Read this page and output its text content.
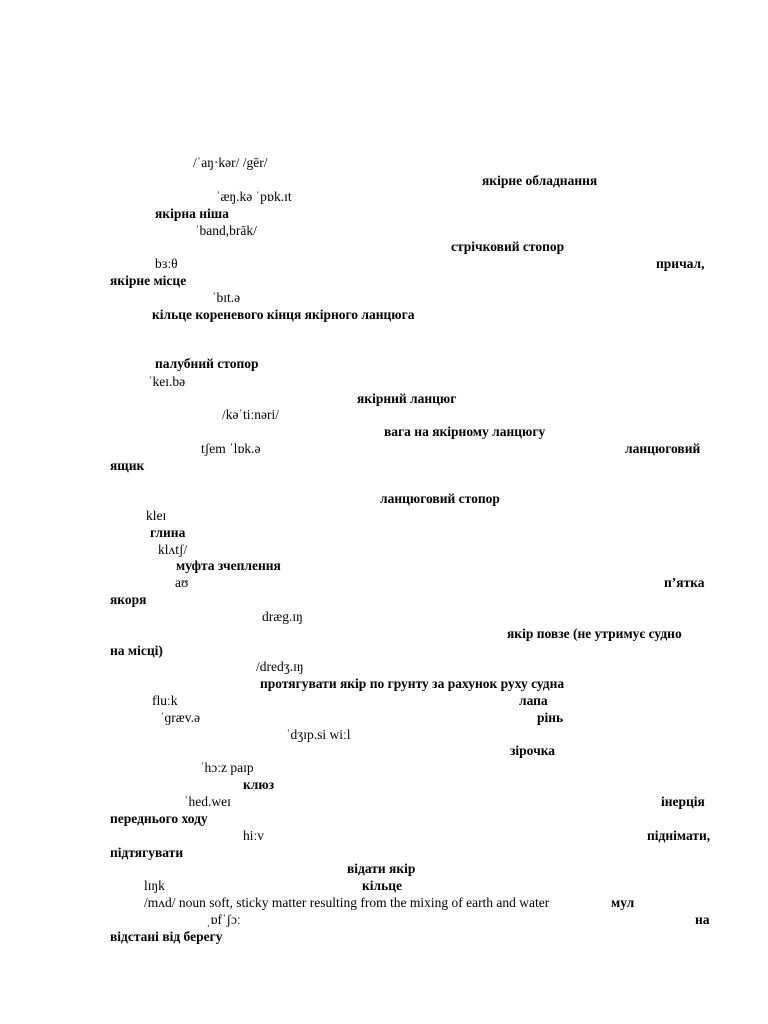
/ˈaŋ·kər/ /gēr/
якірне обладнання
ˈæŋ.kə ˈpɒk.ɪt
якірна ніша
ˈband,brāk/
стрічковий стопор
bɜːθ	причал,
якірне місце
ˈbɪt.ə
кільце кореневого кінця якірного ланцюга
палубний стопор
ˈkeɪ.bə
якірний ланцюг
/kəˈtiːnəri/
вага на якірному ланцюгу
tʃem ˈlɒk.ə	ланцюговий
ящик
ланцюговий стопор
kleɪ
глина
klʌtʃ/
муфта зчеплення
aʊ	п’ятка
якоря
dræg.ɪŋ
якір повзе (не утримує судно
на місці)
/dredʒ.ɪŋ
протягувати якір по грунту за рахунок руху судна
fluːk	лапа
ˈɡræv.ə	рінь
ˈdʒɪp.si wiːl
зірочка
ˈhɔːz paɪp
клюз
ˈhed.weɪ	інерція
переднього ходу
hiːv	піднімати,
підтягувати
відати якір
lɪŋk	кільце
/mʌd/ noun soft, sticky matter resulting from the mixing of earth and water	мул
ˌɒfˈʃɔː	на
відстані від берегу
